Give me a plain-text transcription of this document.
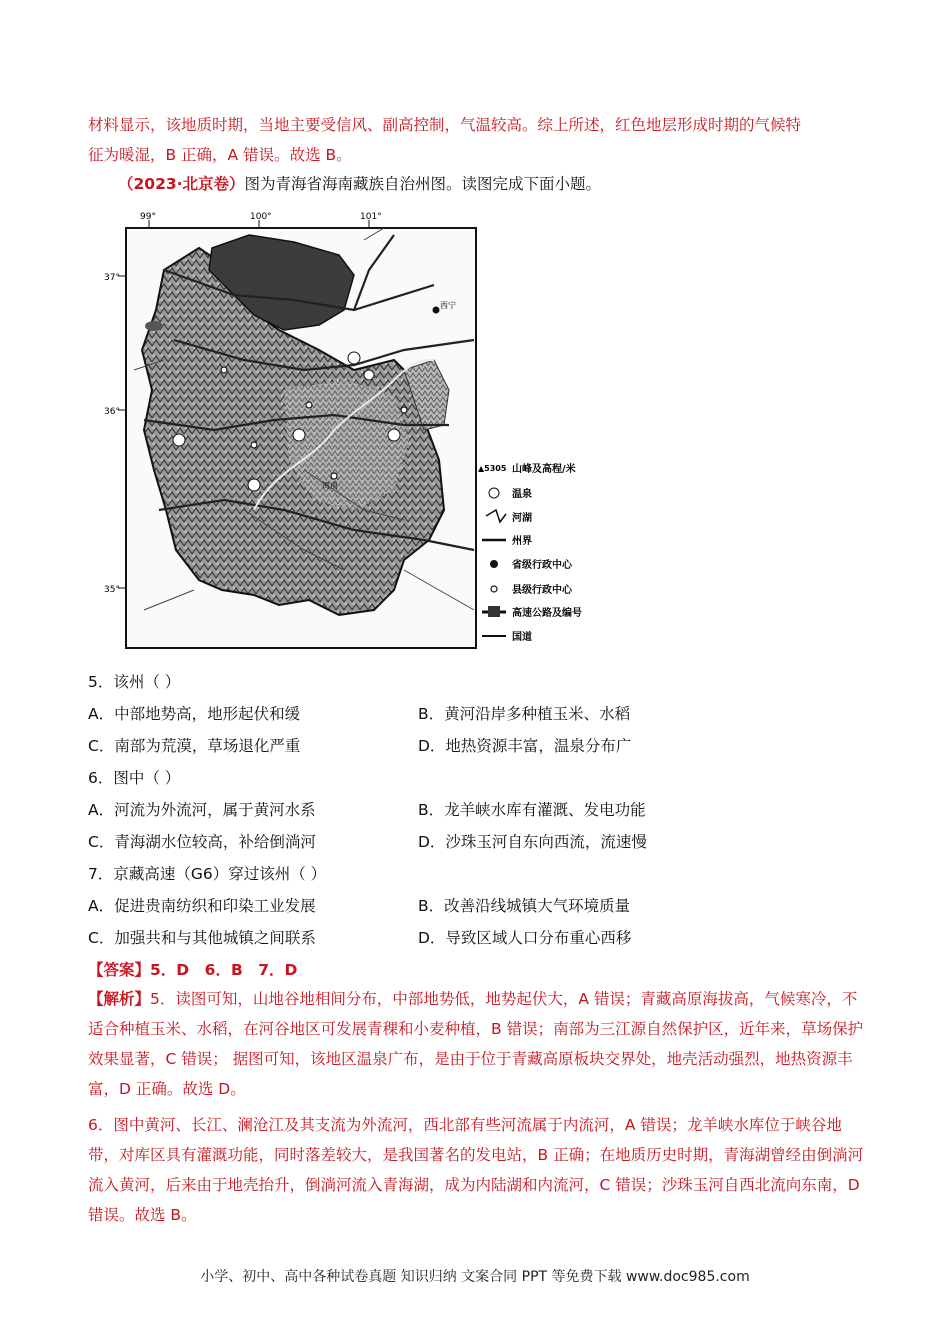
材料显示，该地质时期，当地主要受信风、副高控制，气温较高。综上所述，红色地层形成时期的气候特
征为暖湿，B 正确，A 错误。故选 B。
（2023·北京卷）图为青海省海南藏族自治州图。读图完成下面小题。
99°	100°	101°
37°
36°
35°
西宁
贵南
▲5305 山峰及高程/米
温泉
河湖
州界
省级行政中心
县级行政中心
高速公路及编号
国道
5．该州（ ）
A．中部地势高，地形起伏和缓	B．黄河沿岸多种植玉米、水稻
C．南部为荒漠，草场退化严重	D．地热资源丰富，温泉分布广
6．图中（ ）
A．河流为外流河，属于黄河水系	B．龙羊峡水库有灌溉、发电功能
C．青海湖水位较高，补给倒淌河	D．沙珠玉河自东向西流，流速慢
7．京藏高速（G6）穿过该州（ ）
A．促进贵南纺织和印染工业发展	B．改善沿线城镇大气环境质量
C．加强共和与其他城镇之间联系	D．导致区域人口分布重心西移
【答案】5．D　6．B　7．D
【解析】5．读图可知，山地谷地相间分布，中部地势低，地势起伏大，A 错误；青藏高原海拔高，气候寒冷，不适合种植玉米、水稻，在河谷地区可发展青稞和小麦种植，B 错误；南部为三江源自然保护区，近年来，草场保护效果显著，C 错误； 据图可知，该地区温泉广布，是由于位于青藏高原板块交界处，地壳活动强烈，地热资源丰富，D 正确。故选 D。
6．图中黄河、长江、澜沧江及其支流为外流河，西北部有些河流属于内流河，A 错误；龙羊峡水库位于峡谷地带，对库区具有灌溉功能，同时落差较大，是我国著名的发电站，B 正确；在地质历史时期，青海湖曾经由倒淌河流入黄河，后来由于地壳抬升，倒淌河流入青海湖，成为内陆湖和内流河，C 错误；沙珠玉河自西北流向东南，D 错误。故选 B。
小学、初中、高中各种试卷真题 知识归纳 文案合同 PPT 等免费下载 www.doc985.com
